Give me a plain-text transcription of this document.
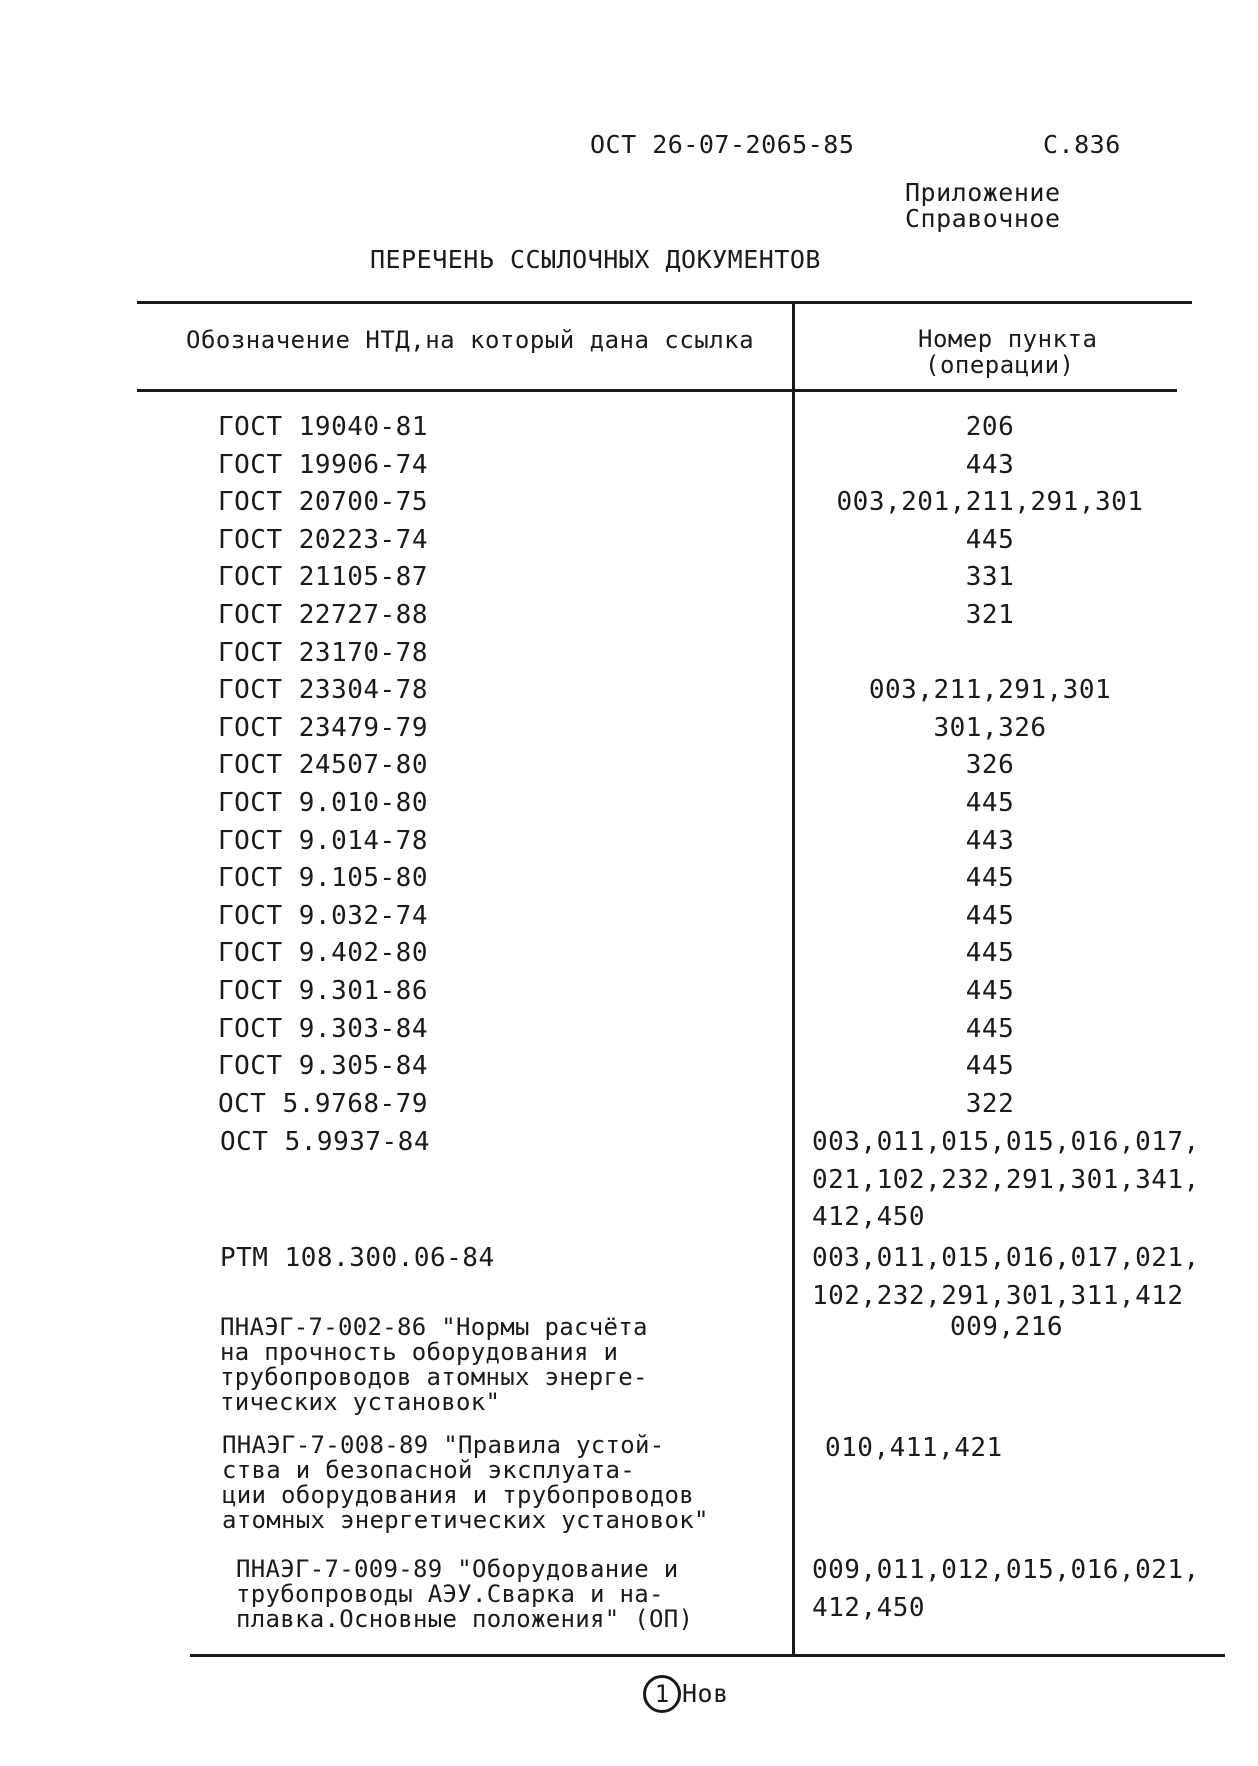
ОСТ 26-07-2065-85	С.836
Приложение
Справочное
ПЕРЕЧЕНЬ ССЫЛОЧНЫХ ДОКУМЕНТОВ
Обозначение НТД,на который дана ссылка	Номер пункта
(операции)
ГОСТ 19040-81	206
ГОСТ 19906-74	443
ГОСТ 20700-75	003,201,211,291,301
ГОСТ 20223-74	445
ГОСТ 21105-87	331
ГОСТ 22727-88	321
ГОСТ 23170-78
ГОСТ 23304-78	003,211,291,301
ГОСТ 23479-79	301,326
ГОСТ 24507-80	326
ГОСТ 9.010-80	445
ГОСТ 9.014-78	443
ГОСТ 9.105-80	445
ГОСТ 9.032-74	445
ГОСТ 9.402-80	445
ГОСТ 9.301-86	445
ГОСТ 9.303-84	445
ГОСТ 9.305-84	445
ОСТ 5.9768-79	322
ОСТ 5.9937-84	003,011,015,015,016,017,
021,102,232,291,301,341,
412,450
РТМ 108.300.06-84	003,011,015,016,017,021,
102,232,291,301,311,412
ПНАЭГ-7-002-86 "Нормы расчёта
на прочность оборудования и
трубопроводов атомных энерге-
тических установок"
009,216
ПНАЭГ-7-008-89 "Правила устой-
ства и безопасной эксплуата-
ции оборудования и трубопроводов
атомных энергетических установок"
010,411,421
ПНАЭГ-7-009-89 "Оборудование и
трубопроводы АЭУ.Сварка и на-
плавка.Основные положения" (ОП)
009,011,012,015,016,021,
412,450
1 Нов
